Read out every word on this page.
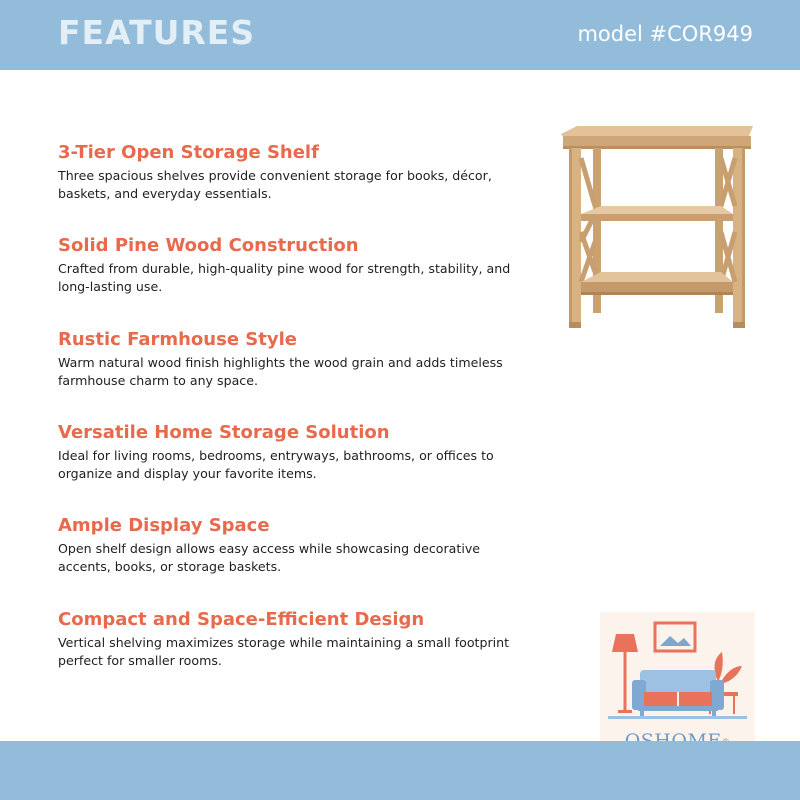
FEATURES	model #COR949
3-Tier Open Storage Shelf
Three spacious shelves provide convenient storage for books, décor, baskets, and everyday essentials.
Solid Pine Wood Construction
Crafted from durable, high-quality pine wood for strength, stability, and long-lasting use.
Rustic Farmhouse Style
Warm natural wood finish highlights the wood grain and adds timeless farmhouse charm to any space.
Versatile Home Storage Solution
Ideal for living rooms, bedrooms, entryways, bathrooms, or offices to organize and display your favorite items.
Ample Display Space
Open shelf design allows easy access while showcasing decorative accents, books, or storage baskets.
Compact and Space-Efficient Design
Vertical shelving maximizes storage while maintaining a small footprint perfect for smaller rooms.
